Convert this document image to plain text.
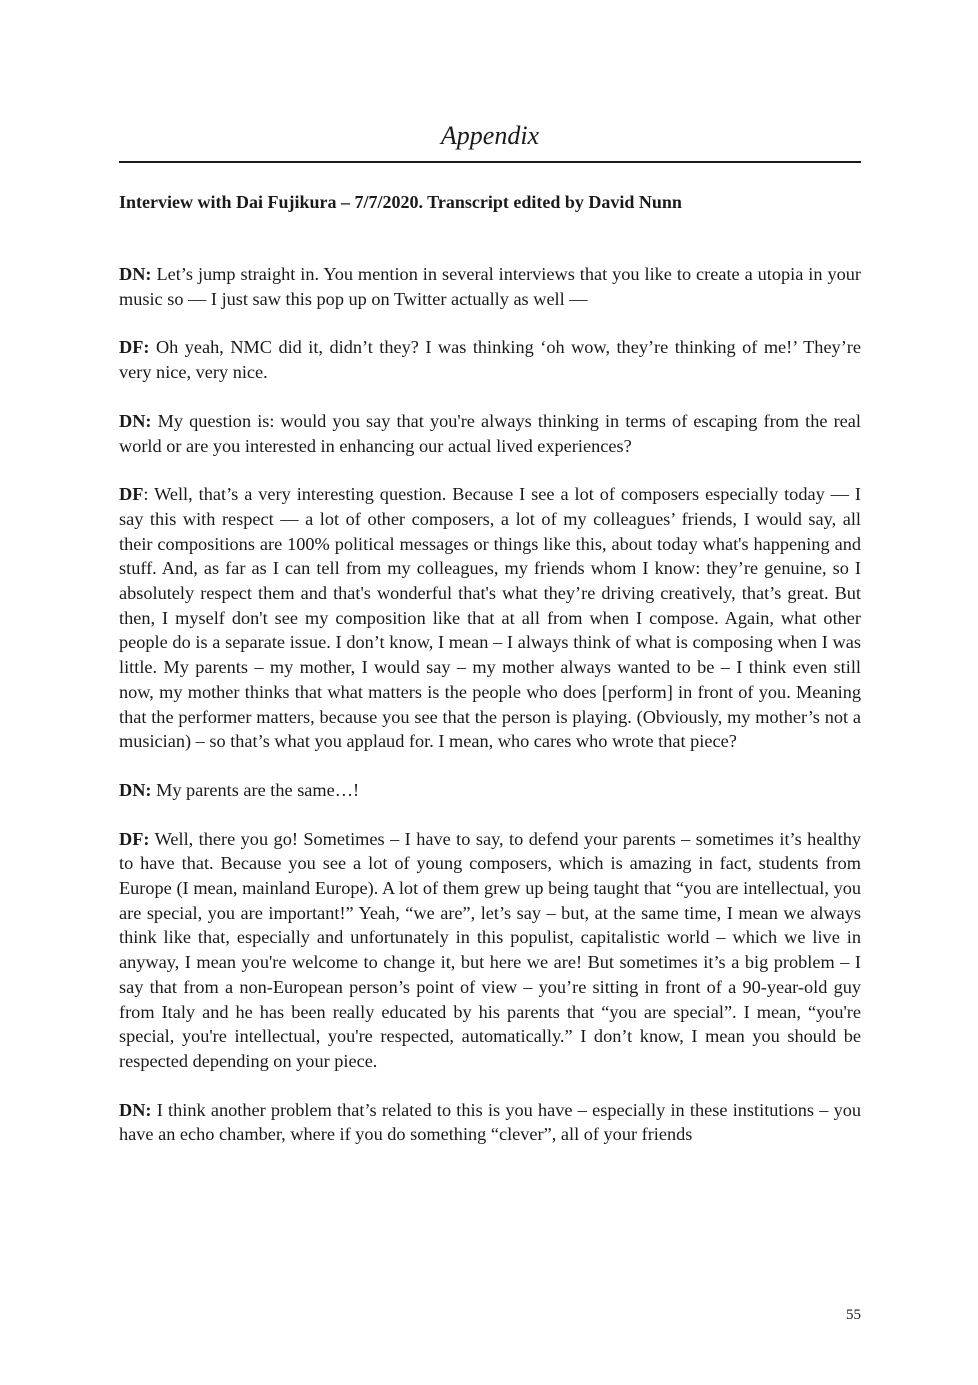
Appendix
Interview with Dai Fujikura – 7/7/2020. Transcript edited by David Nunn

DN: Let’s jump straight in. You mention in several interviews that you like to create a utopia in your music so — I just saw this pop up on Twitter actually as well —

DF: Oh yeah, NMC did it, didn’t they? I was thinking ‘oh wow, they’re thinking of me!’ They’re very nice, very nice.

DN: My question is: would you say that you're always thinking in terms of escaping from the real world or are you interested in enhancing our actual lived experiences?

DF: Well, that’s a very interesting question. Because I see a lot of composers especially today — I say this with respect — a lot of other composers, a lot of my colleagues’ friends, I would say, all their compositions are 100% political messages or things like this, about today what's happening and stuff. And, as far as I can tell from my colleagues, my friends whom I know: they’re genuine, so I absolutely respect them and that's wonderful that's what they’re driving creatively, that’s great. But then, I myself don't see my composition like that at all from when I compose. Again, what other people do is a separate issue. I don’t know, I mean – I always think of what is composing when I was little. My parents – my mother, I would say – my mother always wanted to be – I think even still now, my mother thinks that what matters is the people who does [perform] in front of you. Meaning that the performer matters, because you see that the person is playing. (Obviously, my mother’s not a musician) – so that’s what you applaud for. I mean, who cares who wrote that piece?

DN: My parents are the same…!

DF: Well, there you go! Sometimes – I have to say, to defend your parents – sometimes it’s healthy to have that. Because you see a lot of young composers, which is amazing in fact, students from Europe (I mean, mainland Europe). A lot of them grew up being taught that “you are intellectual, you are special, you are important!” Yeah, “we are”, let’s say – but, at the same time, I mean we always think like that, especially and unfortunately in this populist, capitalistic world – which we live in anyway, I mean you're welcome to change it, but here we are! But sometimes it’s a big problem – I say that from a non-European person’s point of view – you’re sitting in front of a 90-year-old guy from Italy and he has been really educated by his parents that “you are special”. I mean, “you're special, you're intellectual, you're respected, automatically.” I don’t know, I mean you should be respected depending on your piece.

DN: I think another problem that’s related to this is you have – especially in these institutions – you have an echo chamber, where if you do something “clever”, all of your friends

55
